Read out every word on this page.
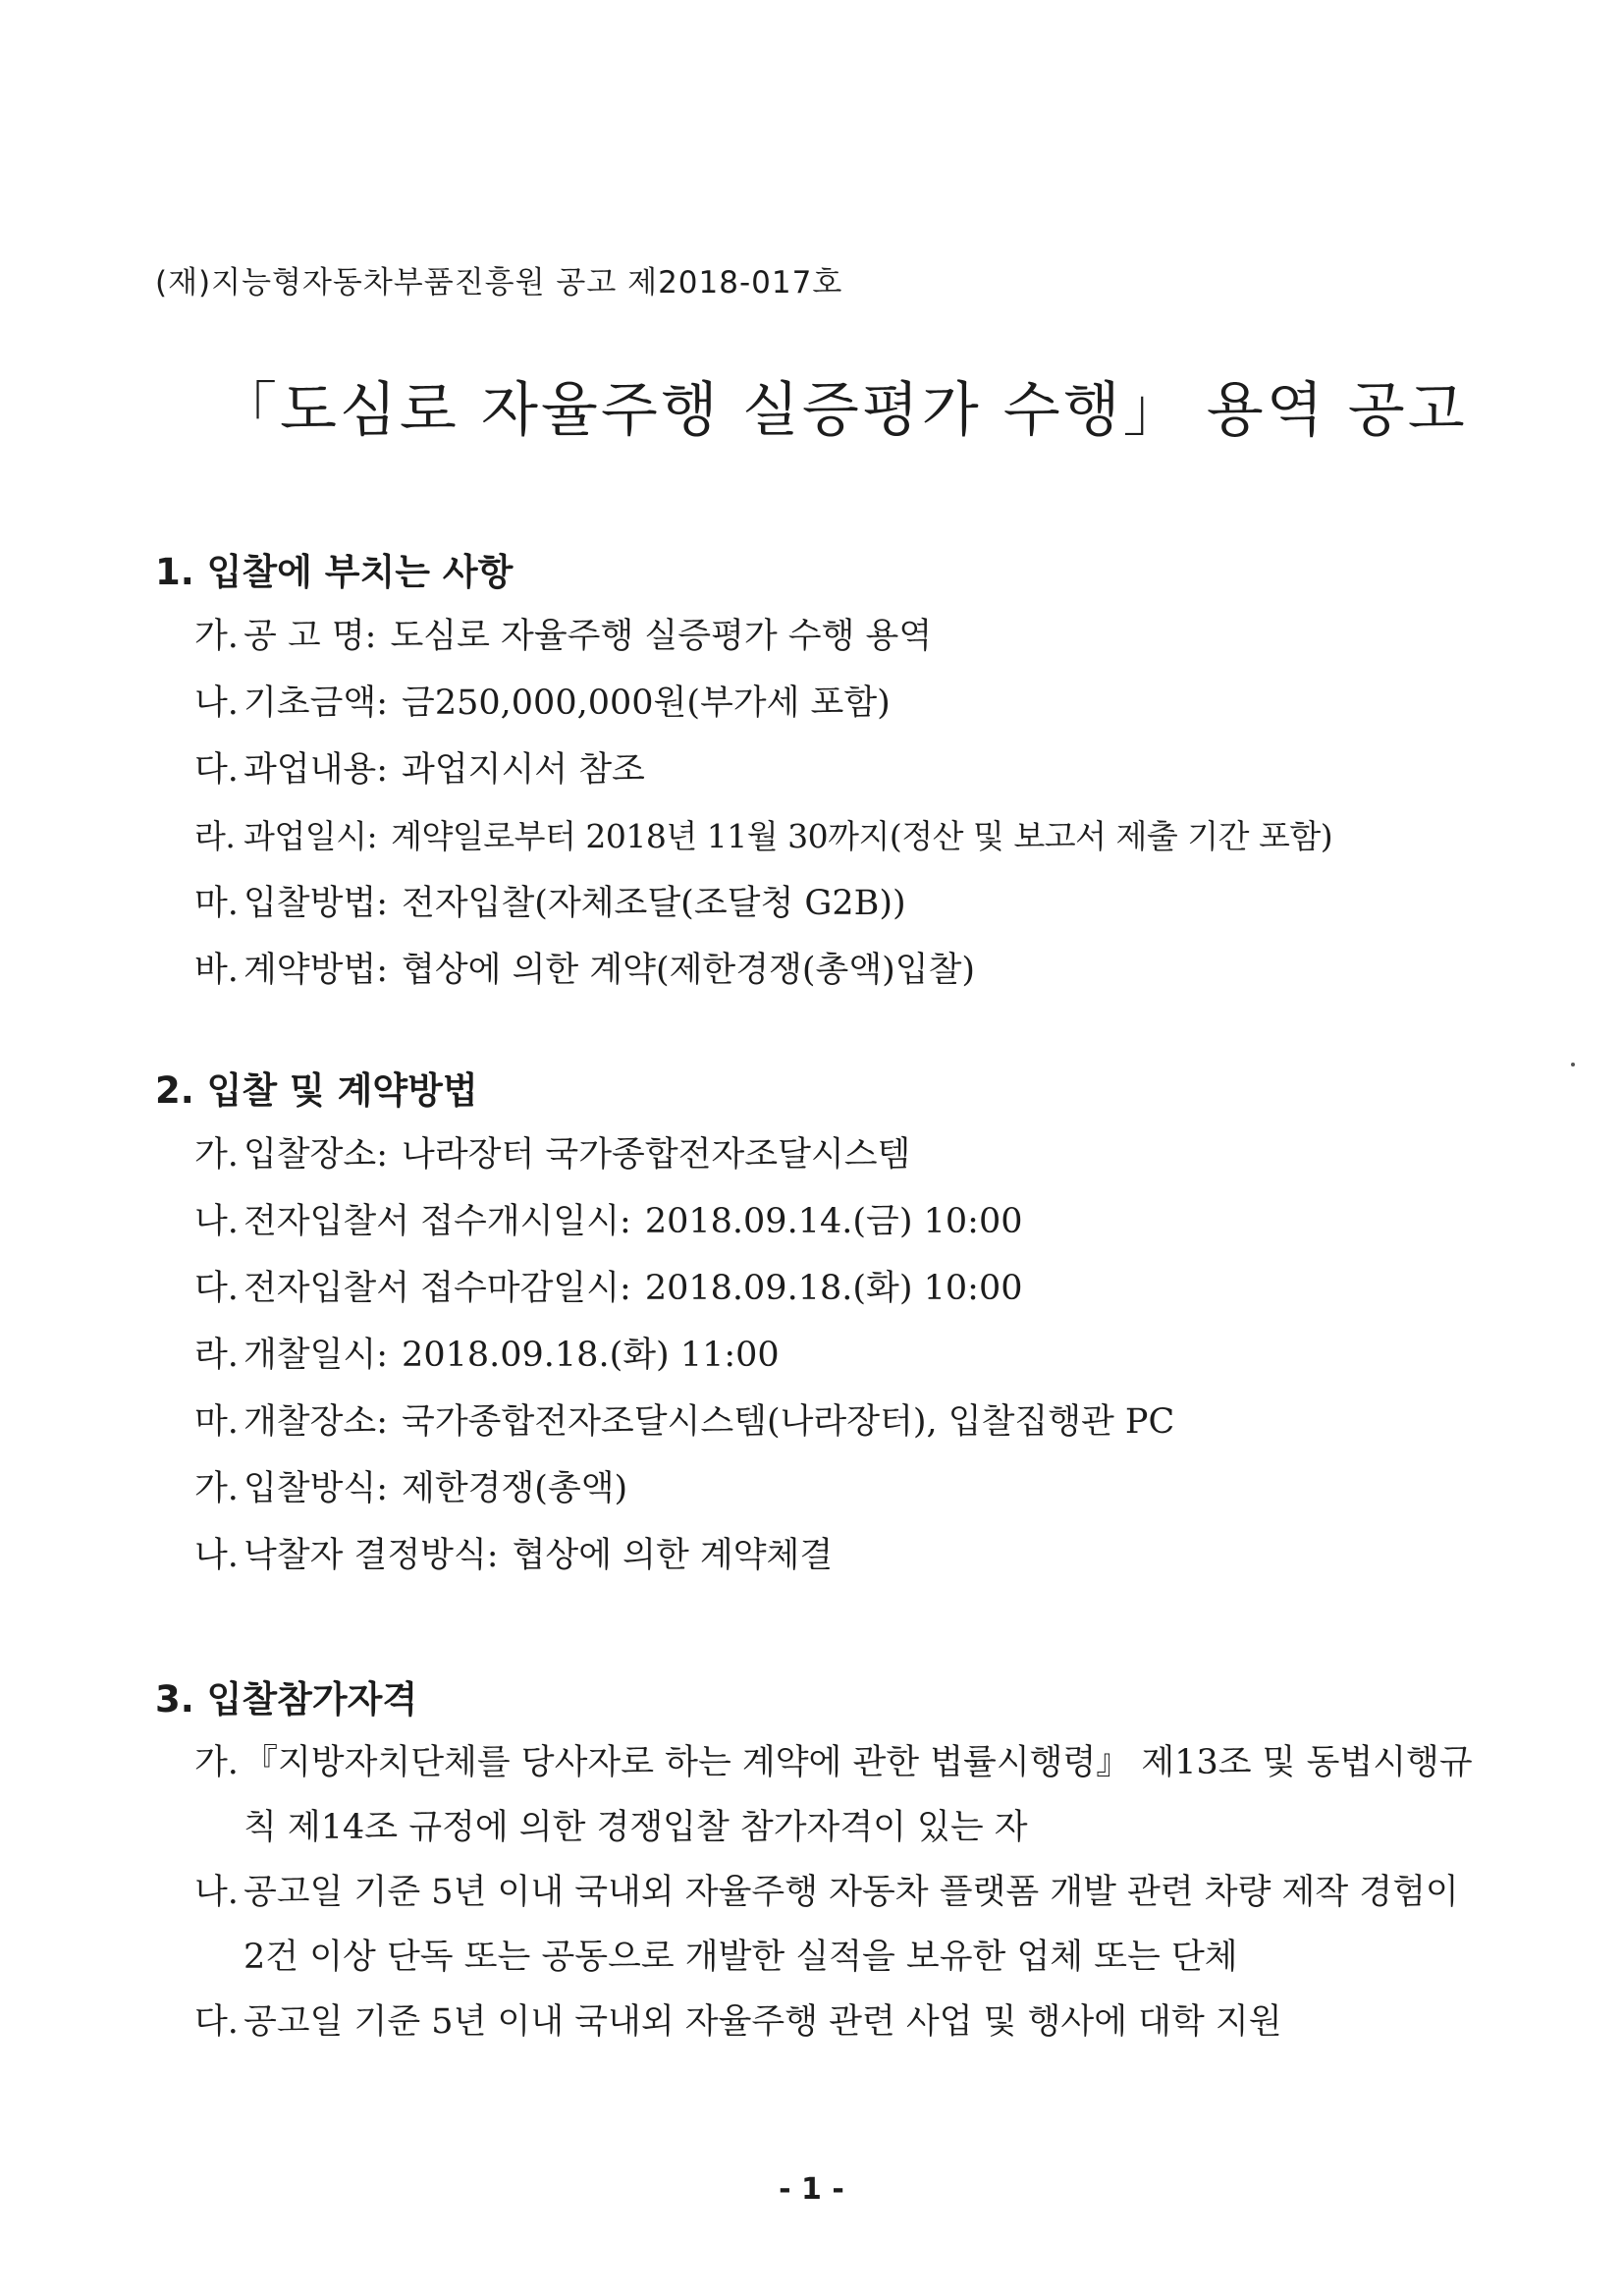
(재)지능형자동차부품진흥원 공고 제2018-017호
「도심로 자율주행 실증평가 수행」 용역 공고
1. 입찰에 부치는 사항
가. 공 고 명: 도심로 자율주행 실증평가 수행 용역
나. 기초금액: 금250,000,000원(부가세 포함)
다. 과업내용: 과업지시서 참조
라. 과업일시: 계약일로부터 2018년 11월 30까지(정산 및 보고서 제출 기간 포함)
마. 입찰방법: 전자입찰(자체조달(조달청 G2B))
바. 계약방법: 협상에 의한 계약(제한경쟁(총액)입찰)
2. 입찰 및 계약방법
가. 입찰장소: 나라장터 국가종합전자조달시스템
나. 전자입찰서 접수개시일시: 2018.09.14.(금) 10:00
다. 전자입찰서 접수마감일시: 2018.09.18.(화) 10:00
라. 개찰일시: 2018.09.18.(화) 11:00
마. 개찰장소: 국가종합전자조달시스템(나라장터), 입찰집행관 PC
가. 입찰방식: 제한경쟁(총액)
나. 낙찰자 결정방식: 협상에 의한 계약체결
3. 입찰참가자격
가. 『지방자치단체를 당사자로 하는 계약에 관한 법률시행령』 제13조 및 동법시행규칙 제14조 규정에 의한 경쟁입찰 참가자격이 있는 자
나. 공고일 기준 5년 이내 국내외 자율주행 자동차 플랫폼 개발 관련 차량 제작 경험이 2건 이상 단독 또는 공동으로 개발한 실적을 보유한 업체 또는 단체
다. 공고일 기준 5년 이내 국내외 자율주행 관련 사업 및 행사에 대학 지원
- 1 -
